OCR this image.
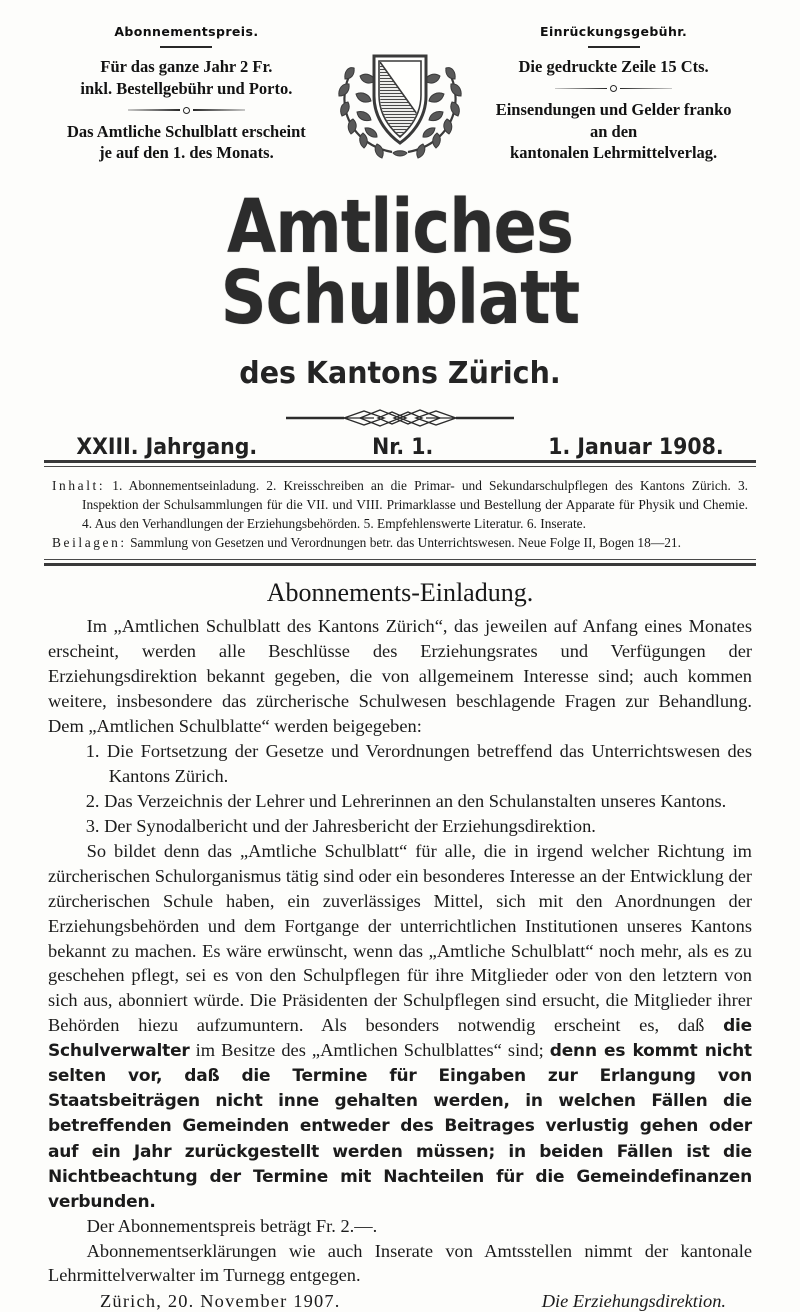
Abonnementspreis.
Für das ganze Jahr 2 Fr.
inkl. Bestellgebühr und Porto.
Das Amtliche Schulblatt erscheint
je auf den 1. des Monats.
Einrückungsgebühr.
Die gedruckte Zeile 15 Cts.
Einsendungen und Gelder franko
an den
kantonalen Lehrmittelverlag.
Amtliches Schulblatt
des Kantons Zürich.
XXIII. Jahrgang.	Nr. 1.	1. Januar 1908.

Inhalt: 1. Abonnementseinladung. 2. Kreisschreiben an die Primar- und Sekundarschulpflegen des Kantons Zürich. 3. Inspektion der Schulsammlungen für die VII. und VIII. Primarklasse und Bestellung der Apparate für Physik und Chemie. 4. Aus den Verhandlungen der Erziehungsbehörden. 5. Empfehlenswerte Literatur. 6. Inserate.

Beilagen: Sammlung von Gesetzen und Verordnungen betr. das Unterrichtswesen. Neue Folge II, Bogen 18—21.

Abonnements-Einladung.

Im „Amtlichen Schulblatt des Kantons Zürich“, das jeweilen auf Anfang eines Monates erscheint, werden alle Beschlüsse des Erziehungsrates und Verfügungen der Erziehungsdirektion bekannt gegeben, die von allgemeinem Interesse sind; auch kommen weitere, insbesondere das zürcherische Schulwesen beschlagende Fragen zur Behandlung. Dem „Amtlichen Schulblatte“ werden beigegeben:

1. Die Fortsetzung der Gesetze und Verordnungen betreffend das Unterrichtswesen des Kantons Zürich.
2. Das Verzeichnis der Lehrer und Lehrerinnen an den Schulanstalten unseres Kantons.
3. Der Synodalbericht und der Jahresbericht der Erziehungsdirektion.

So bildet denn das „Amtliche Schulblatt“ für alle, die in irgend welcher Richtung im zürcherischen Schulorganismus tätig sind oder ein besonderes Interesse an der Entwicklung der zürcherischen Schule haben, ein zuverlässiges Mittel, sich mit den Anordnungen der Erziehungsbehörden und dem Fortgange der unterrichtlichen Institutionen unseres Kantons bekannt zu machen. Es wäre erwünscht, wenn das „Amtliche Schulblatt“ noch mehr, als es zu geschehen pflegt, sei es von den Schulpflegen für ihre Mitglieder oder von den letztern von sich aus, abonniert würde. Die Präsidenten der Schulpflegen sind ersucht, die Mitglieder ihrer Behörden hiezu aufzumuntern. Als besonders notwendig erscheint es, daß die Schulverwalter im Besitze des „Amtlichen Schulblattes“ sind; denn es kommt nicht selten vor, daß die Termine für Eingaben zur Erlangung von Staatsbeiträgen nicht inne gehalten werden, in welchen Fällen die betreffenden Gemeinden entweder des Beitrages verlustig gehen oder auf ein Jahr zurückgestellt werden müssen; in beiden Fällen ist die Nichtbeachtung der Termine mit Nachteilen für die Gemeindefinanzen verbunden.

Der Abonnementspreis beträgt Fr. 2.—.

Abonnementserklärungen wie auch Inserate von Amtsstellen nimmt der kantonale Lehrmittelverwalter im Turnegg entgegen.

Zürich, 20. November 1907.	Die Erziehungsdirektion.
